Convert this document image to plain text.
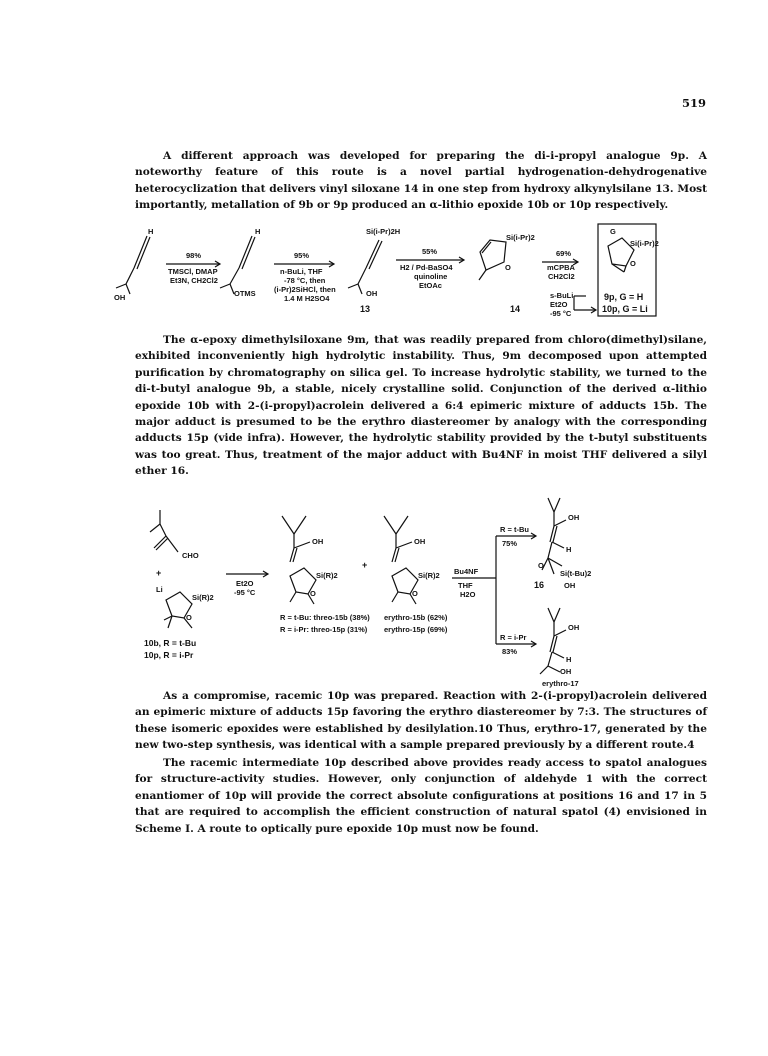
519

A different approach was developed for preparing the di-i-propyl analogue 9p. A noteworthy feature of this route is a novel partial hydrogenation-dehydrogenative heterocyclization that delivers vinyl siloxane 14 in one step from hydroxy alkynylsilane 13. Most importantly, metallation of 9b or 9p produced an α-lithio epoxide 10b or 10p respectively.

H
OH
98%
TMSCl, DMAP
Et3N, CH2Cl2
H
OTMS
95%
n-BuLi, THF
-78 °C, then
(i-Pr)2SiHCl, then
1.4 M H2SO4
Si(i-Pr)2H
OH
13
55%
H2 / Pd-BaSO4
quinoline
EtOAc
Si(i-Pr)2
O
14
69%
mCPBA
CH2Cl2
G
Si(i-Pr)2
O
s-BuLi
Et2O
-95 °C
9p, G = H
10p, G = Li

The α-epoxy dimethylsiloxane 9m, that was readily prepared from chloro(dimethyl)silane, exhibited inconveniently high hydrolytic instability. Thus, 9m decomposed upon attempted purification by chromatography on silica gel. To increase hydrolytic stability, we turned to the di-t-butyl analogue 9b, a stable, nicely crystalline solid. Conjunction of the derived α-lithio epoxide 10b with 2-(i-propyl)acrolein delivered a 6:4 epimeric mixture of adducts 15b. The major adduct is presumed to be the erythro diastereomer by analogy with the corresponding adducts 15p (vide infra). However, the hydrolytic stability provided by the t-butyl substituents was too great. Thus, treatment of the major adduct with Bu4NF in moist THF delivered a silyl ether 16.

CHO
+
Li
Si(R)2
O
10b, R = t-Bu
10p, R = i-Pr
Et2O
-95 °C
OH
Si(R)2
O
+
OH
Si(R)2
O
R = t-Bu: threo-15b (38%)
R = i-Pr: threo-15p (31%)
erythro-15b (62%)
erythro-15p (69%)
Bu4NF
THF
H2O
R = t-Bu
75%
R = i-Pr
83%
OH
H
O
Si(t-Bu)2
OH
16
OH
H
OH
erythro-17

As a compromise, racemic 10p was prepared. Reaction with 2-(i-propyl)acrolein delivered an epimeric mixture of adducts 15p favoring the erythro diastereomer by 7:3. The structures of these isomeric epoxides were established by desilylation.10 Thus, erythro-17, generated by the new two-step synthesis, was identical with a sample prepared previously by a different route.4

The racemic intermediate 10p described above provides ready access to spatol analogues for structure-activity studies. However, only conjunction of aldehyde 1 with the correct enantiomer of 10p will provide the correct absolute configurations at positions 16 and 17 in 5 that are required to accomplish the efficient construction of natural spatol (4) envisioned in Scheme I. A route to optically pure epoxide 10p must now be found.
